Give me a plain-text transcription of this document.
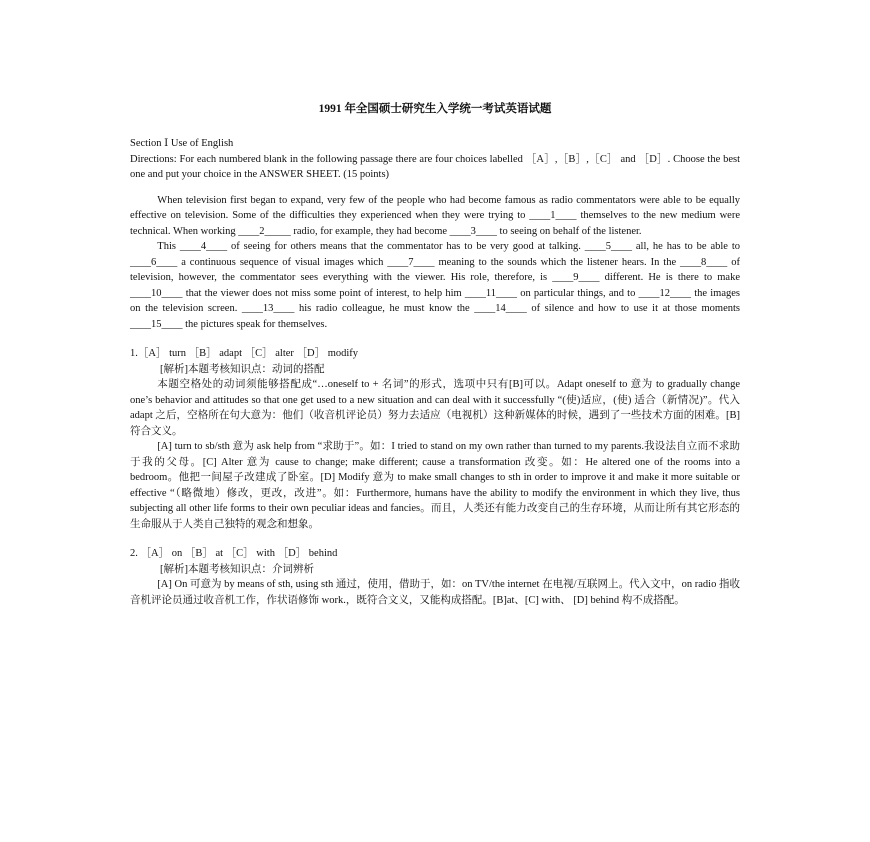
1991 年全国硕士研究生入学统一考试英语试题

Section Ⅰ Use of English

Directions: For each numbered blank in the following passage there are four choices labelled ［A］,［B］,［C］ and ［D］. Choose the best one and put your choice in the ANSWER SHEET. (15 points)

When television first began to expand, very few of the people who had become famous as radio commentators were able to be equally effective on television. Some of the difficulties they experienced when they were trying to ____1____ themselves to the new medium were technical. When working ____2_____ radio, for example, they had become ____3____ to seeing on behalf of the listener.

This ____4____ of seeing for others means that the commentator has to be very good at talking. ____5____ all, he has to be able to ____6____ a continuous sequence of visual images which ____7____ meaning to the sounds which the listener hears. In the ____8____ of television, however, the commentator sees everything with the viewer. His role, therefore, is ____9____ different. He is there to make ____10____ that the viewer does not miss some point of interest, to help him ____11____ on particular things, and to ____12____ the images on the television screen. ____13____ his radio colleague, he must know the ____14____ of silence and how to use it at those moments ____15____ the pictures speak for themselves.

1.［A］ turn ［B］ adapt ［C］ alter ［D］ modify

[解析]本题考核知识点：动词的搭配

本题空格处的动词须能够搭配成“…oneself to + 名词”的形式，选项中只有[B]可以。Adapt oneself to 意为 to gradually change one’s behavior and attitudes so that one get used to a new situation and can deal with it successfully “(使)适应，(使) 适合（新情况)”。代入 adapt 之后，空格所在句大意为：他们（收音机评论员）努力去适应（电视机）这种新媒体的时候，遇到了一些技术方面的困难。[B]符合文义。

[A] turn to sb/sth 意为 ask help from “求助于”。如：I tried to stand on my own rather than turned to my parents.我设法自立而不求助于我的父母。[C] Alter 意为 cause to change; make different; cause a transformation 改变。如：He altered one of the rooms into a bedroom。他把一间屋子改建成了卧室。[D] Modify 意为 to make small changes to sth in order to improve it and make it more suitable or effective “（略微地）修改，更改，改进”。如：Furthermore, humans have the ability to modify the environment in which they live, thus subjecting all other life forms to their own peculiar ideas and fancies。而且，人类还有能力改变自己的生存环境，从而让所有其它形态的生命服从于人类自己独特的观念和想象。

2. ［A］ on ［B］ at ［C］ with ［D］ behind

[解析]本题考核知识点：介词辨析

[A] On 可意为 by means of sth, using sth 通过，使用，借助于，如：on TV/the internet 在电视/互联网上。代入文中，on radio 指收音机评论员通过收音机工作，作状语修饰 work.，既符合文义，又能构成搭配。[B]at、[C] with、 [D] behind 构不成搭配。
